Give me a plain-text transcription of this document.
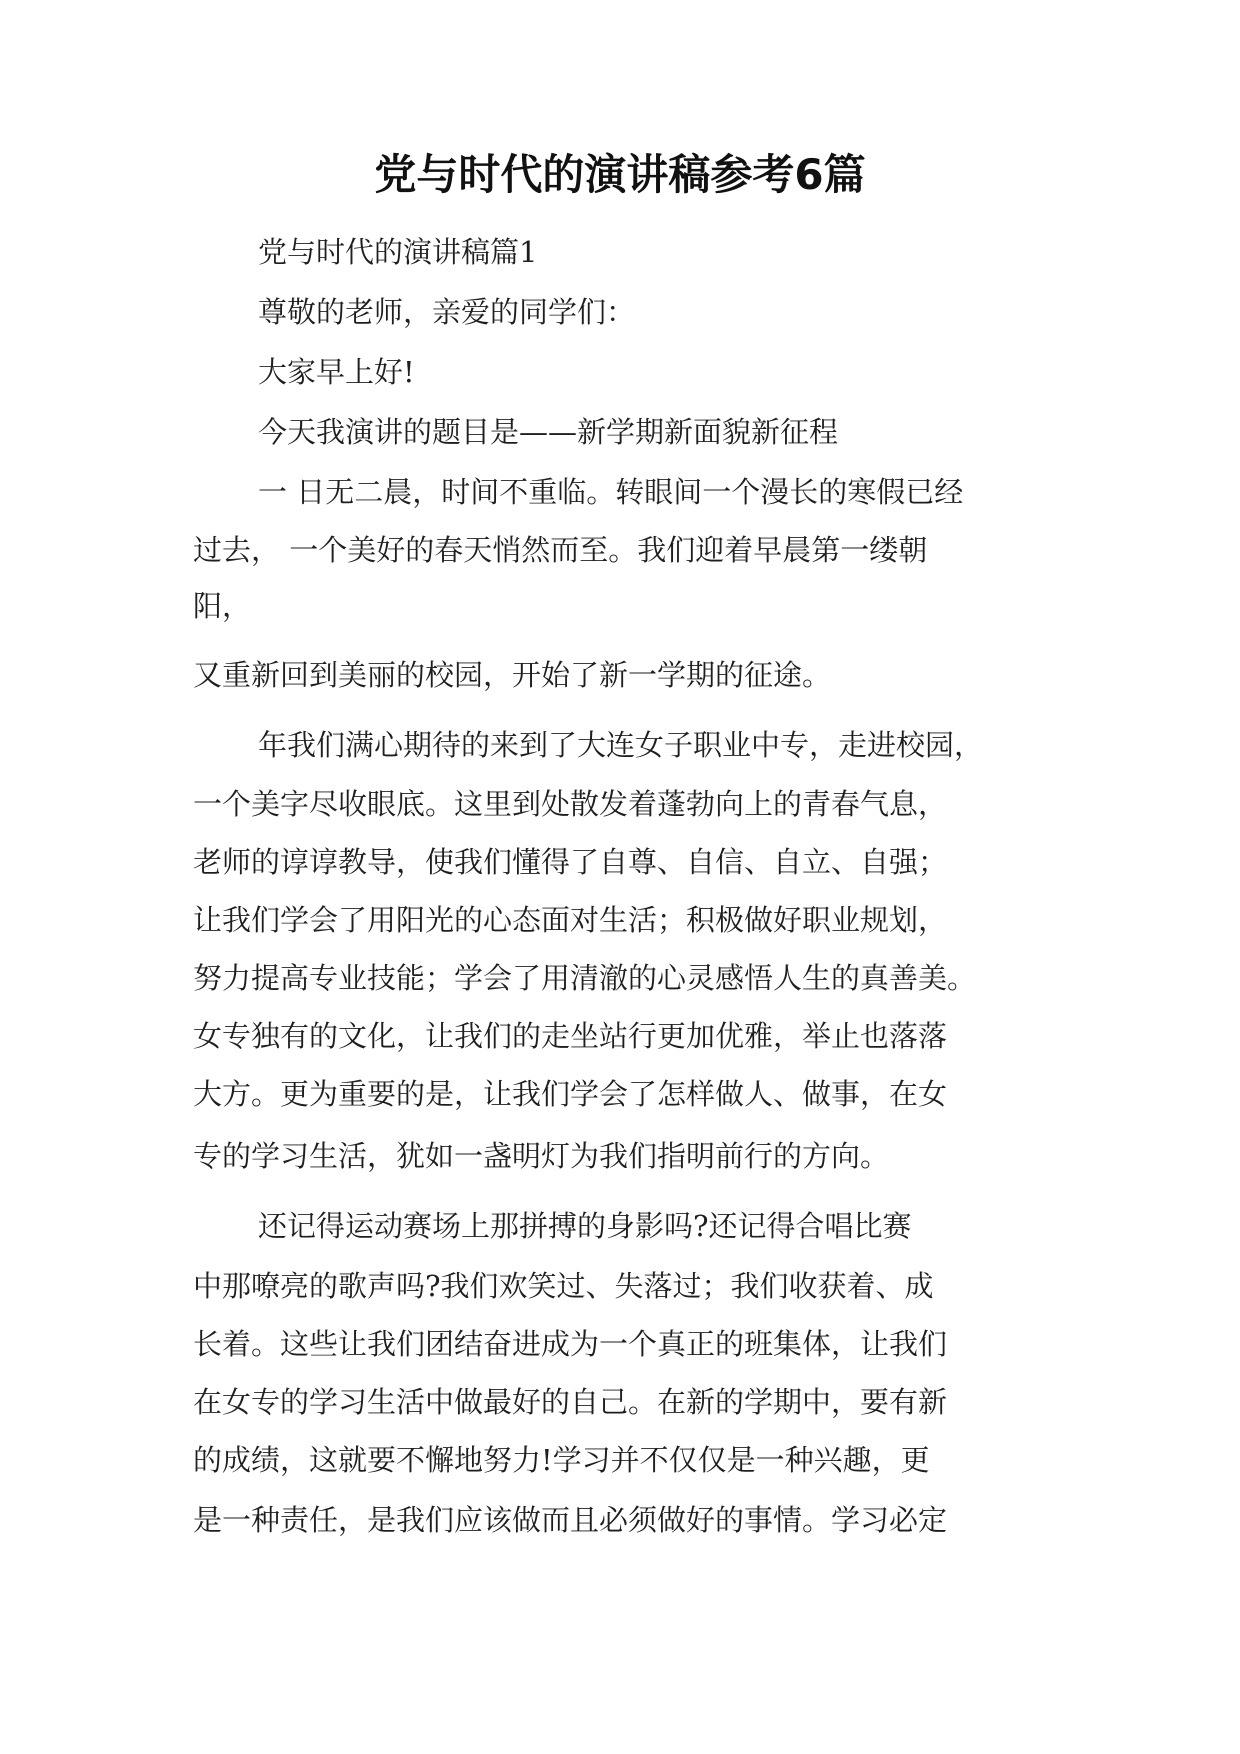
党与时代的演讲稿参考6篇

党与时代的演讲稿篇1

尊敬的老师，亲爱的同学们：

大家早上好!

今天我演讲的题目是——新学期新面貌新征程

一 日无二晨，时间不重临。转眼间一个漫长的寒假已经

过去， 一个美好的春天悄然而至。我们迎着早晨第一缕朝

阳，

又重新回到美丽的校园，开始了新一学期的征途。

年我们满心期待的来到了大连女子职业中专，走进校园，

一个美字尽收眼底。这里到处散发着蓬勃向上的青春气息，

老师的谆谆教导，使我们懂得了自尊、自信、自立、自强；

让我们学会了用阳光的心态面对生活；积极做好职业规划，

努力提高专业技能；学会了用清澈的心灵感悟人生的真善美。

女专独有的文化，让我们的走坐站行更加优雅，举止也落落

大方。更为重要的是，让我们学会了怎样做人、做事，在女

专的学习生活，犹如一盏明灯为我们指明前行的方向。

还记得运动赛场上那拼搏的身影吗?还记得合唱比赛

中那嘹亮的歌声吗?我们欢笑过、失落过；我们收获着、成

长着。这些让我们团结奋进成为一个真正的班集体，让我们

在女专的学习生活中做最好的自己。在新的学期中，要有新

的成绩，这就要不懈地努力!学习并不仅仅是一种兴趣，更

是一种责任，是我们应该做而且必须做好的事情。学习必定
